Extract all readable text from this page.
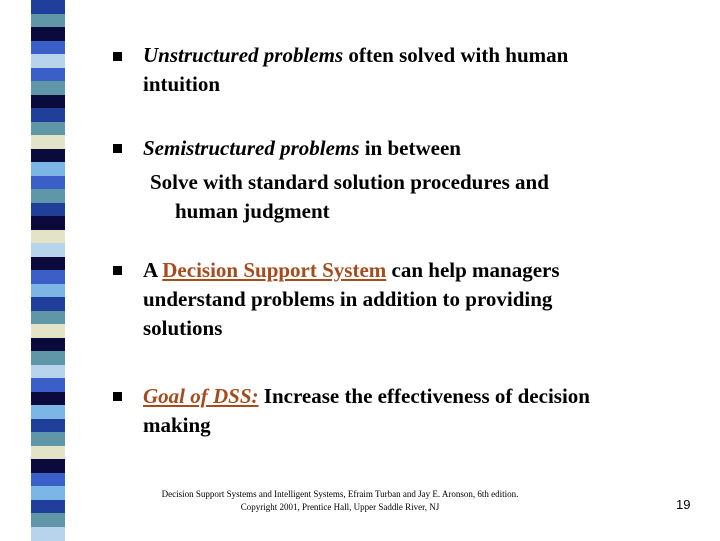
Unstructured problems often solved with human
intuition
Semistructured problems in between
Solve with standard solution procedures and
human judgment
A Decision Support System can help managers
understand problems in addition to providing
solutions
Goal of DSS: Increase the effectiveness of decision
making
Decision Support Systems and Intelligent Systems, Efraim Turban and Jay E. Aronson, 6th edition.
Copyright 2001, Prentice Hall, Upper Saddle River, NJ	19
